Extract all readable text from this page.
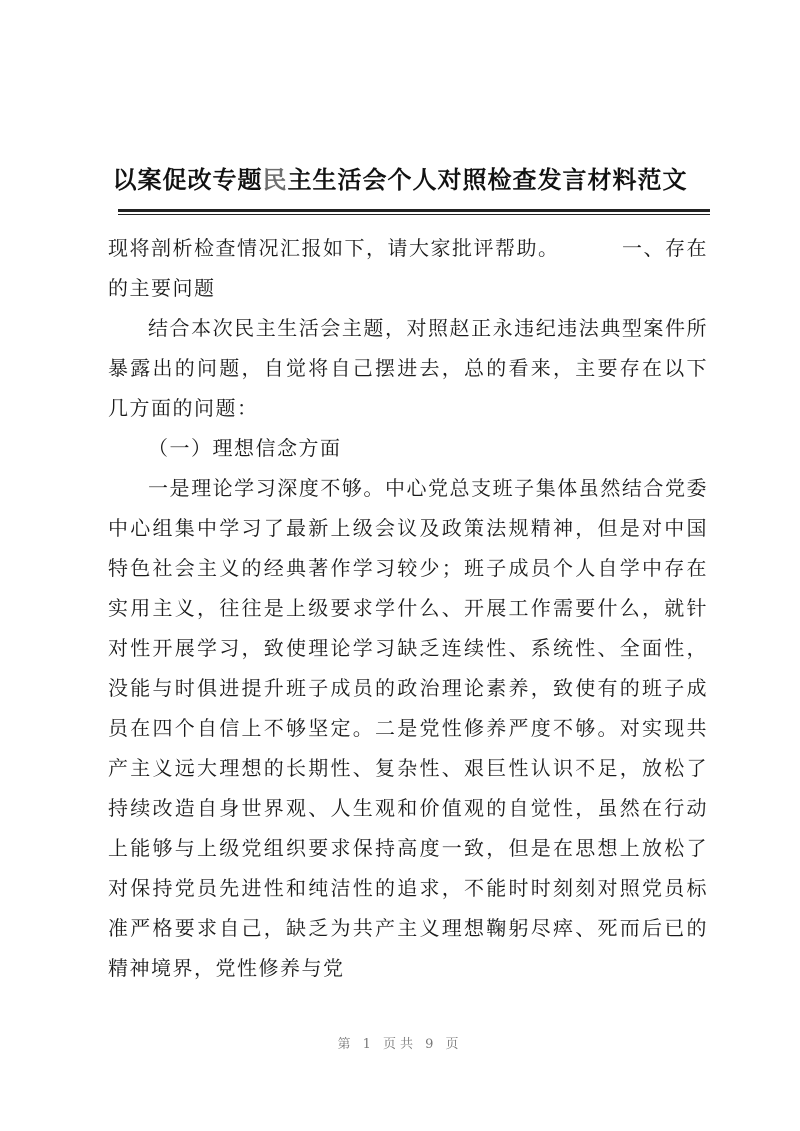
以案促改专题民主生活会个人对照检查发言材料范文

现将剖析检查情况汇报如下，请大家批评帮助。	一、存在

的主要问题

结合本次民主生活会主题，对照赵正永违纪违法典型案件所暴露出的问题，自觉将自己摆进去，总的看来，主要存在以下几方面的问题：

（一）理想信念方面

一是理论学习深度不够。中心党总支班子集体虽然结合党委中心组集中学习了最新上级会议及政策法规精神，但是对中国特色社会主义的经典著作学习较少；班子成员个人自学中存在实用主义，往往是上级要求学什么、开展工作需要什么，就针对性开展学习，致使理论学习缺乏连续性、系统性、全面性，没能与时俱进提升班子成员的政治理论素养，致使有的班子成员在四个自信上不够坚定。二是党性修养严度不够。对实现共产主义远大理想的长期性、复杂性、艰巨性认识不足，放松了持续改造自身世界观、人生观和价值观的自觉性，虽然在行动上能够与上级党组织要求保持高度一致，但是在思想上放松了对保持党员先进性和纯洁性的追求，不能时时刻刻对照党员标准严格要求自己，缺乏为共产主义理想鞠躬尽瘁、死而后已的精神境界，党性修养与党

第 1 页共 9 页
